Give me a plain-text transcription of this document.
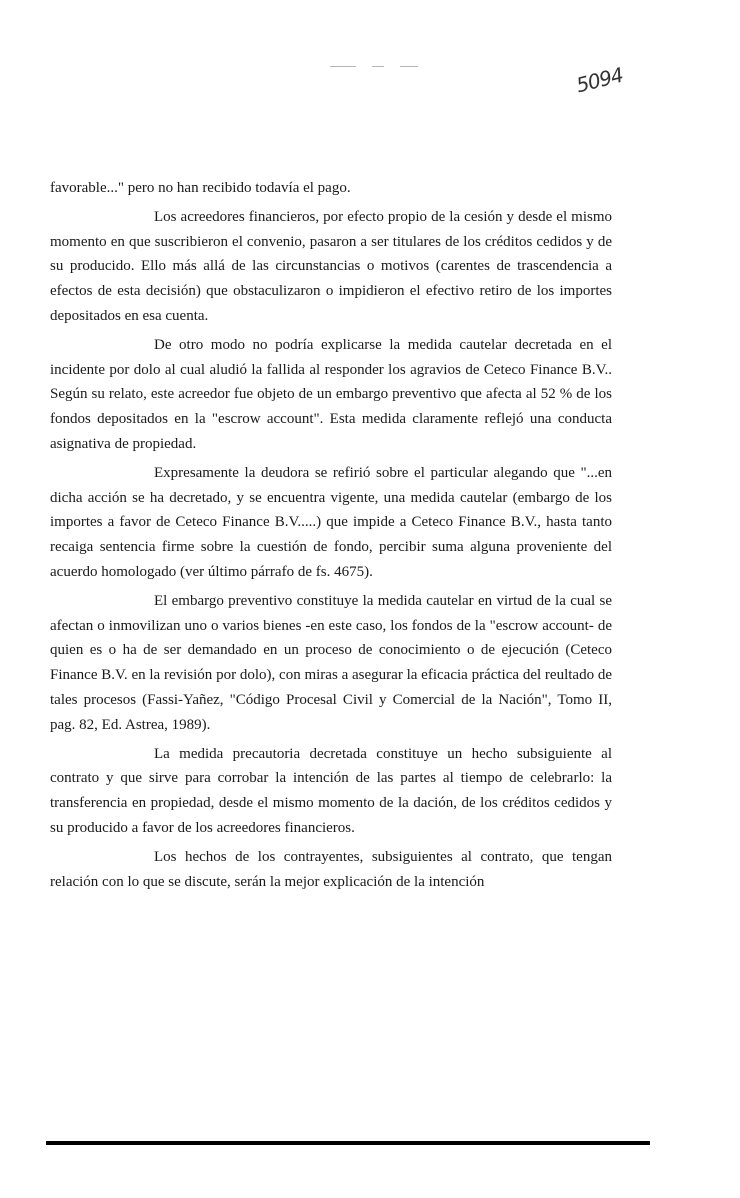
5094

favorable..." pero no han recibido todavía el pago.

Los acreedores financieros, por efecto propio de la cesión y desde el mismo momento en que suscribieron el convenio, pasaron a ser titulares de los créditos cedidos y de su producido. Ello más allá de las circunstancias o motivos (carentes de trascendencia a efectos de esta decisión) que obstaculizaron o impidieron el efectivo retiro de los importes depositados en esa cuenta.

De otro modo no podría explicarse la medida cautelar decretada en el incidente por dolo al cual aludió la fallida al responder los agravios de Ceteco Finance B.V.. Según su relato, este acreedor fue objeto de un embargo preventivo que afecta al 52 % de los fondos depositados en la "escrow account". Esta medida claramente reflejó una conducta asignativa de propiedad.

Expresamente la deudora se refirió sobre el particular alegando que "...en dicha acción se ha decretado, y se encuentra vigente, una medida cautelar (embargo de los importes a favor de Ceteco Finance B.V.....) que impide a Ceteco Finance B.V., hasta tanto recaiga sentencia firme sobre la cuestión de fondo, percibir suma alguna proveniente del acuerdo homologado (ver último párrafo de fs. 4675).

El embargo preventivo constituye la medida cautelar en virtud de la cual se afectan o inmovilizan uno o varios bienes -en este caso, los fondos de la "escrow account- de quien es o ha de ser demandado en un proceso de conocimiento o de ejecución (Ceteco Finance B.V. en la revisión por dolo), con miras a asegurar la eficacia práctica del reultado de tales procesos (Fassi-Yañez, "Código Procesal Civil y Comercial de la Nación", Tomo II, pag. 82, Ed. Astrea, 1989).

La medida precautoria decretada constituye un hecho subsiguiente al contrato y que sirve para corrobar la intención de las partes al tiempo de celebrarlo: la transferencia en propiedad, desde el mismo momento de la dación, de los créditos cedidos y su producido a favor de los acreedores financieros.

Los hechos de los contrayentes, subsiguientes al contrato, que tengan relación con lo que se discute, serán la mejor explicación de la intención
